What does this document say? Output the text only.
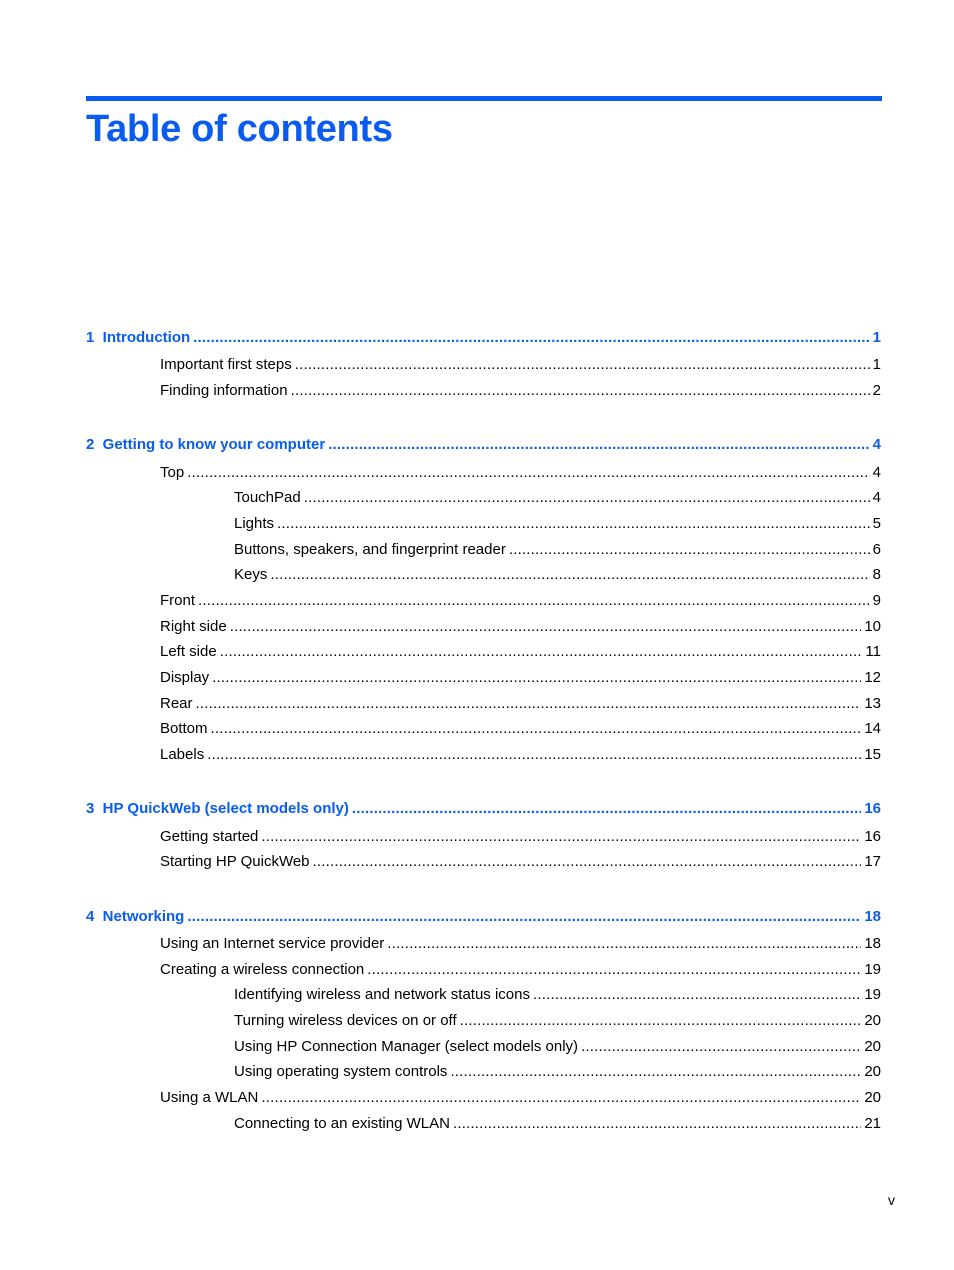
Table of contents
1  Introduction .....	1
Important first steps .....	1
Finding information .....	2
2  Getting to know your computer .....	4
Top .....	4
TouchPad .....	4
Lights .....	5
Buttons, speakers, and fingerprint reader .....	6
Keys .....	8
Front .....	9
Right side .....	10
Left side .....	11
Display .....	12
Rear .....	13
Bottom .....	14
Labels .....	15
3  HP QuickWeb (select models only) .....	16
Getting started .....	16
Starting HP QuickWeb .....	17
4  Networking .....	18
Using an Internet service provider .....	18
Creating a wireless connection .....	19
Identifying wireless and network status icons .....	19
Turning wireless devices on or off .....	20
Using HP Connection Manager (select models only) .....	20
Using operating system controls .....	20
Using a WLAN .....	20
Connecting to an existing WLAN .....	21
v
